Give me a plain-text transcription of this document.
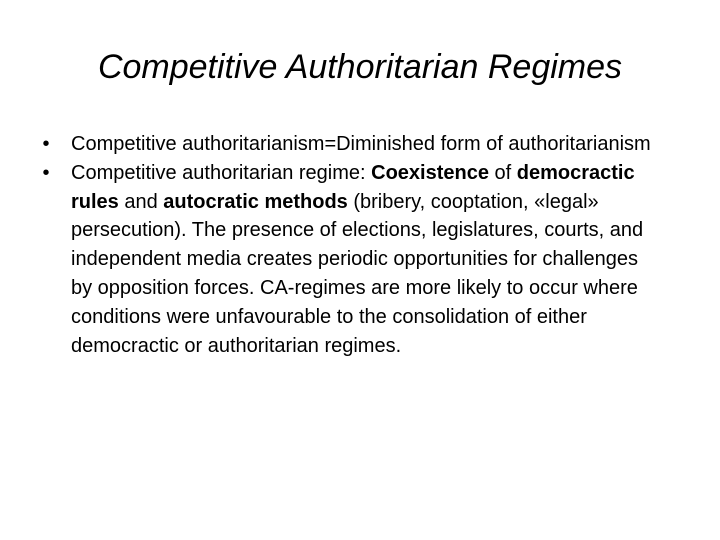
Competitive Authoritarian Regimes
•	Competitive authoritarianism=Diminished form of authoritarianism
•	Competitive authoritarian regime: Coexistence of democractic rules and autocratic methods (bribery, cooptation, «legal» persecution). The presence of elections, legislatures, courts, and independent media creates periodic opportunities for challenges by opposition forces. CA-regimes are more likely to occur where conditions were unfavourable to the consolidation of either democractic or authoritarian regimes.
